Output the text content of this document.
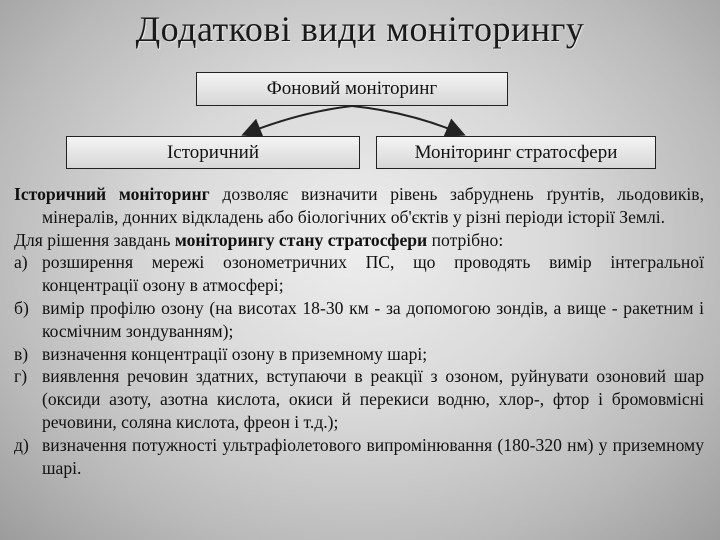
Додаткові види моніторингу
Фоновий моніторинг
Історичний	Моніторинг стратосфери

Історичний моніторинг дозволяє визначити рівень забруднень ґрунтів, льодовиків, мінералів, донних відкладень або біологічних об'єктів у різні періоди історії Землі.

Для рішення завдань моніторингу стану стратосфери потрібно:

а) розширення мережі озонометричних ПС, що проводять вимір інтегральної концентрації озону в атмосфері;
б) вимір профілю озону (на висотах 18-30 км - за допомогою зондів, а вище - ракетним і космічним зондуванням);
в) визначення концентрації озону в приземному шарі;
г) виявлення речовин здатних, вступаючи в реакції з озоном, руйнувати озоновий шар (оксиди азоту, азотна кислота, окиси й перекиси водню, хлор-, фтор і бромовмісні речовини, соляна кислота, фреон і т.д.);
д) визначення потужності ультрафіолетового випромінювання (180-320 нм) у приземному шарі.
